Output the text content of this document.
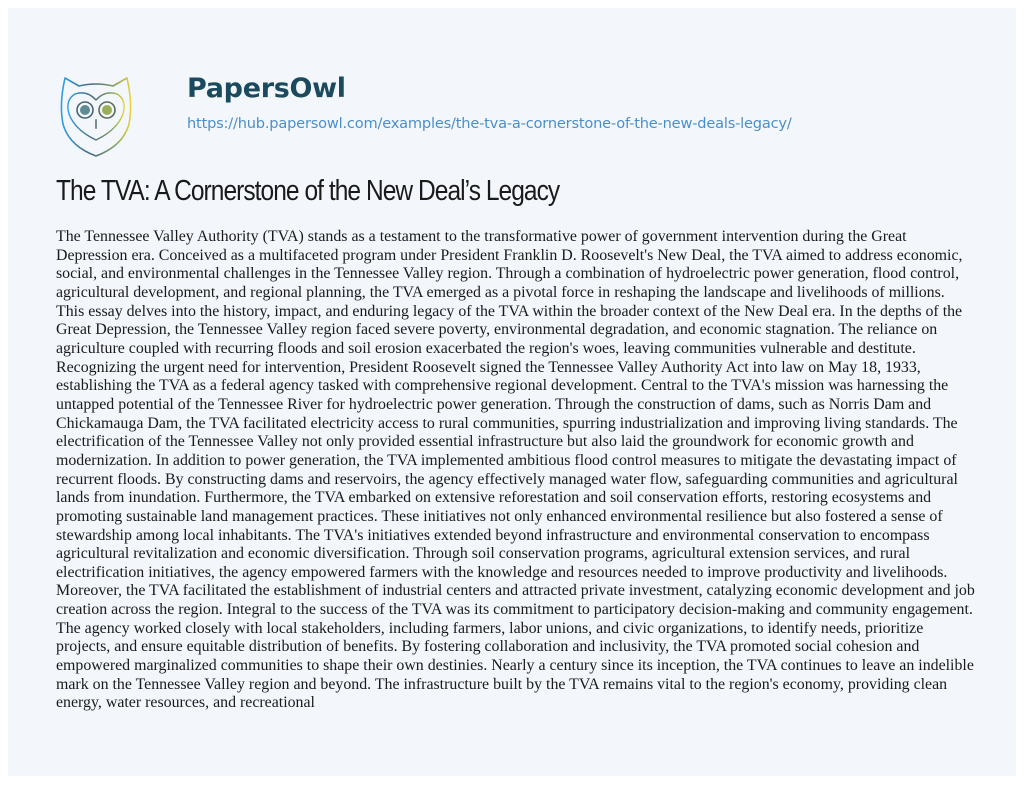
PapersOwl
https://hub.papersowl.com/examples/the-tva-a-cornerstone-of-the-new-deals-legacy/
The TVA: A Cornerstone of the New Deal’s Legacy
The Tennessee Valley Authority (TVA) stands as a testament to the transformative power of government intervention during the Great
Depression era. Conceived as a multifaceted program under President Franklin D. Roosevelt's New Deal, the TVA aimed to address economic,
social, and environmental challenges in the Tennessee Valley region. Through a combination of hydroelectric power generation, flood control,
agricultural development, and regional planning, the TVA emerged as a pivotal force in reshaping the landscape and livelihoods of millions.
This essay delves into the history, impact, and enduring legacy of the TVA within the broader context of the New Deal era. In the depths of the
Great Depression, the Tennessee Valley region faced severe poverty, environmental degradation, and economic stagnation. The reliance on
agriculture coupled with recurring floods and soil erosion exacerbated the region's woes, leaving communities vulnerable and destitute.
Recognizing the urgent need for intervention, President Roosevelt signed the Tennessee Valley Authority Act into law on May 18, 1933,
establishing the TVA as a federal agency tasked with comprehensive regional development. Central to the TVA's mission was harnessing the
untapped potential of the Tennessee River for hydroelectric power generation. Through the construction of dams, such as Norris Dam and
Chickamauga Dam, the TVA facilitated electricity access to rural communities, spurring industrialization and improving living standards. The
electrification of the Tennessee Valley not only provided essential infrastructure but also laid the groundwork for economic growth and
modernization. In addition to power generation, the TVA implemented ambitious flood control measures to mitigate the devastating impact of
recurrent floods. By constructing dams and reservoirs, the agency effectively managed water flow, safeguarding communities and agricultural
lands from inundation. Furthermore, the TVA embarked on extensive reforestation and soil conservation efforts, restoring ecosystems and
promoting sustainable land management practices. These initiatives not only enhanced environmental resilience but also fostered a sense of
stewardship among local inhabitants. The TVA's initiatives extended beyond infrastructure and environmental conservation to encompass
agricultural revitalization and economic diversification. Through soil conservation programs, agricultural extension services, and rural
electrification initiatives, the agency empowered farmers with the knowledge and resources needed to improve productivity and livelihoods.
Moreover, the TVA facilitated the establishment of industrial centers and attracted private investment, catalyzing economic development and job
creation across the region. Integral to the success of the TVA was its commitment to participatory decision-making and community engagement.
The agency worked closely with local stakeholders, including farmers, labor unions, and civic organizations, to identify needs, prioritize
projects, and ensure equitable distribution of benefits. By fostering collaboration and inclusivity, the TVA promoted social cohesion and
empowered marginalized communities to shape their own destinies. Nearly a century since its inception, the TVA continues to leave an indelible
mark on the Tennessee Valley region and beyond. The infrastructure built by the TVA remains vital to the region's economy, providing clean
energy, water resources, and recreational
